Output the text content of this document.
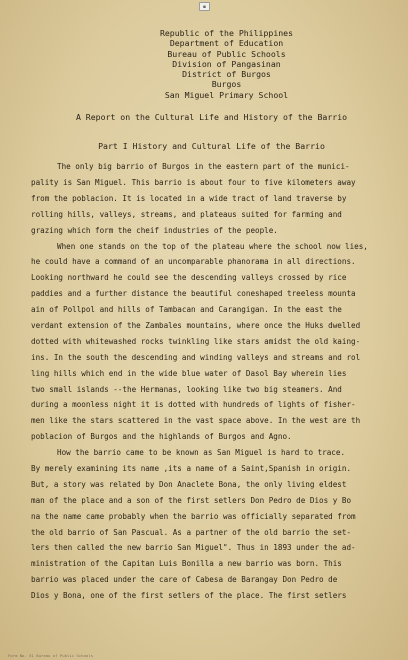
■
Republic of the Philippines
Department of Education
Bureau of Public Schools
Division of Pangasinan
District of Burgos
Burgos
San Miguel Primary School
A Report on the Cultural Life and History of the Barrio
Part I History and Cultural Life of the Barrio
The only big barrio of Burgos in the eastern part of the munici-
pality is San Miguel. This barrio is about four to five kilometers away
from the poblacion. It is located in a wide tract of land traverse by
rolling hills, valleys, streams, and plateaus suited for farming and
grazing which form the cheif industries of the people.
When one stands on the top of the plateau where the school now lies,
he could have a command of an uncomparable phanorama in all directions.
Looking northward he could see the descending valleys crossed by rice
paddies and a further distance the beautiful coneshaped treeless mounta
ain of Pollpol and hills of Tambacan and Carangigan. In the east the
verdant extension of the Zambales mountains, where once the Huks dwelled
dotted with whitewashed rocks twinkling like stars amidst the old kaing-
ins. In the south the descending and winding valleys and streams and rol
ling hills which end in the wide blue water of Dasol Bay wherein lies
two small islands --the Hermanas, looking like two big steamers. And
during a moonless night it is dotted with hundreds of lights of fisher-
men like the stars scattered in the vast space above. In the west are th
poblacion of Burgos and the highlands of Burgos and Agno.
How the barrio came to be known as San Miguel is hard to trace.
By merely examining its name ,its a name of a Saint,Spanish in origin.
But, a story was related by Don Anaclete Bona, the only living eldest
man of the place and a son of the first setlers Don Pedro de Dios y Bo
na the name came probably when the barrio was officially separated from
the old barrio of San Pascual. As a partner of the old barrio the set-
lers then called the new barrio San Miguel". Thus in 1893 under the ad-
ministration of the Capitan Luis Bonilla a new barrio was born. This
barrio was placed under the care of Cabesa de Barangay Don Pedro de
Dios y Bona, one of the first setlers of the place. The first setlers
Form No. 51 Bureau of Public Schools
